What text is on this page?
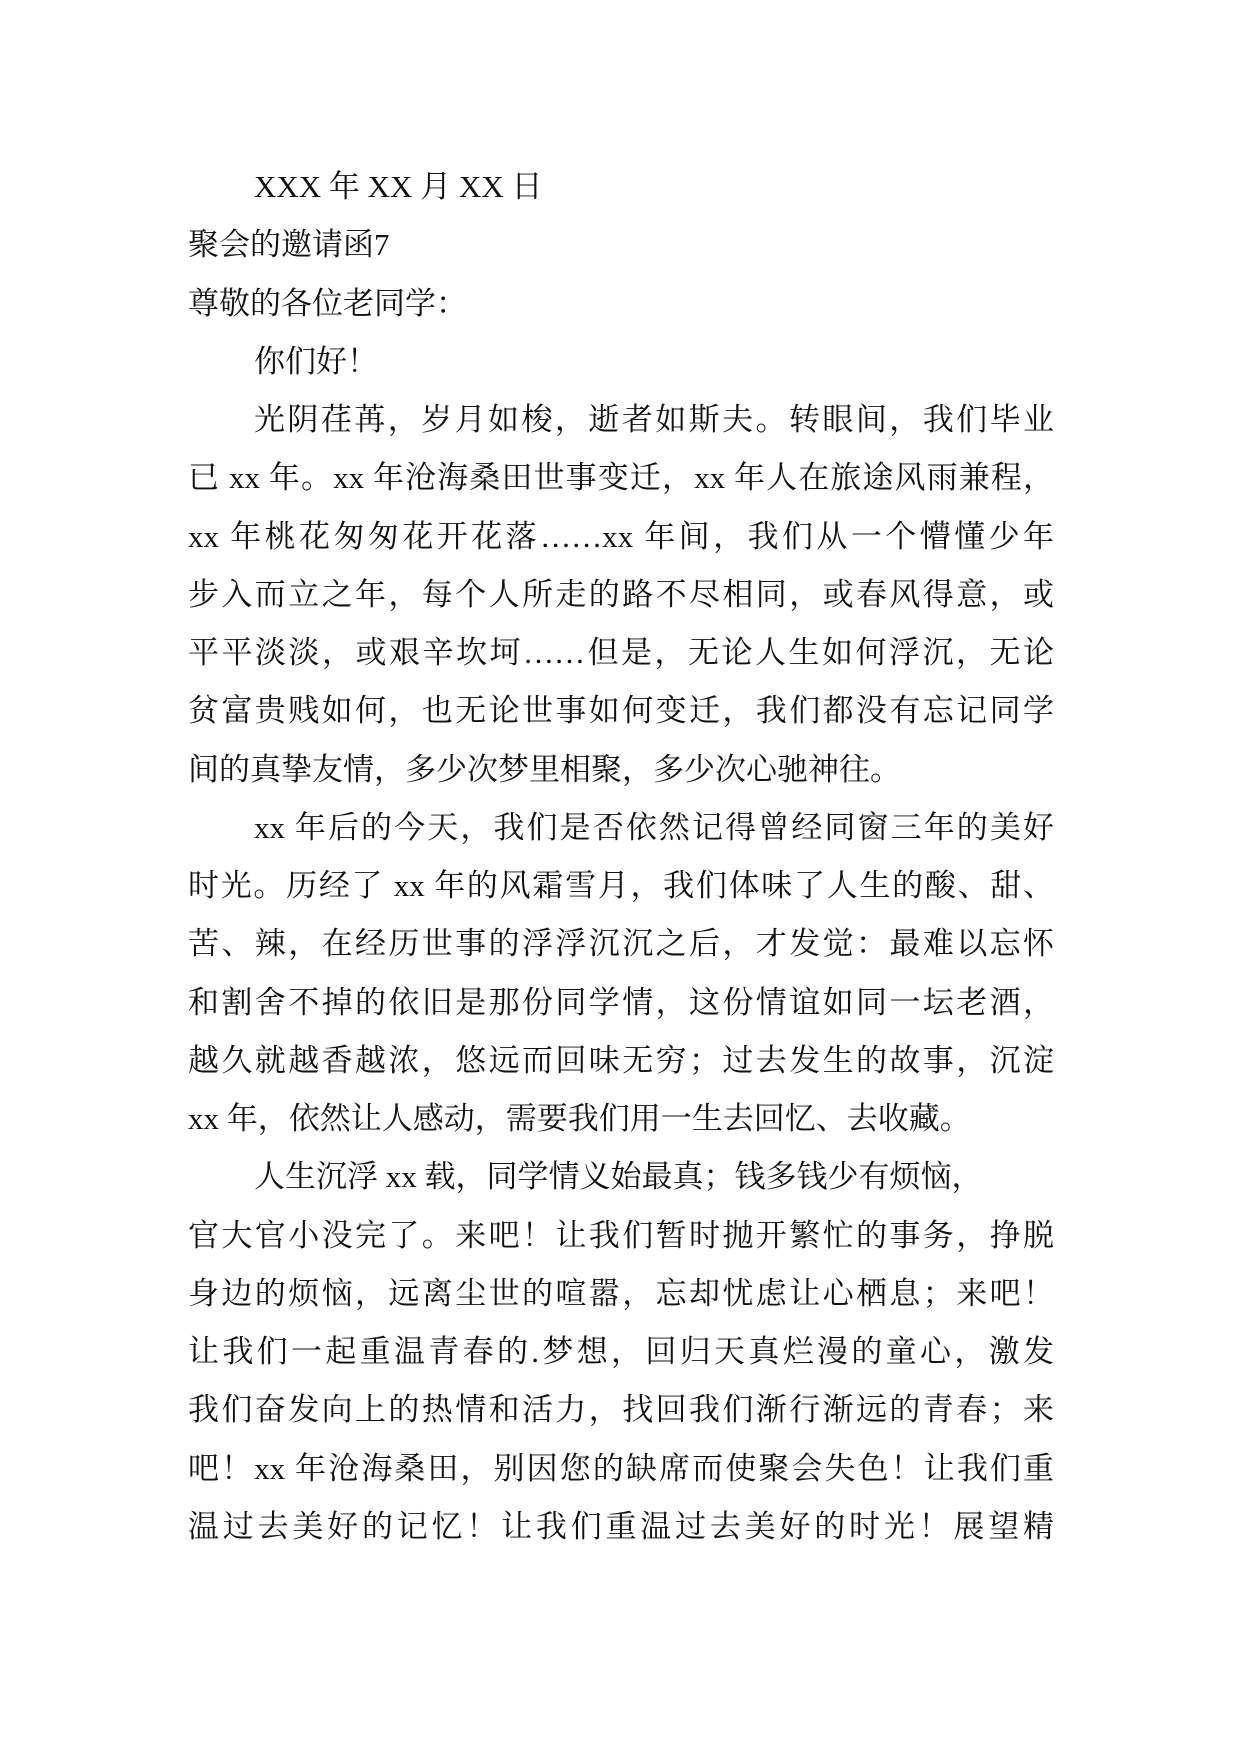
XXX 年 XX 月 XX 日
聚会的邀请函7
尊敬的各位老同学：
你们好！
光阴荏苒，岁月如梭，逝者如斯夫。转眼间，我们毕业
已 xx 年。xx 年沧海桑田世事变迁，xx 年人在旅途风雨兼程，
xx 年桃花匆匆花开花落……xx 年间，我们从一个懵懂少年
步入而立之年，每个人所走的路不尽相同，或春风得意，或
平平淡淡，或艰辛坎坷……但是，无论人生如何浮沉，无论
贫富贵贱如何，也无论世事如何变迁，我们都没有忘记同学
间的真挚友情，多少次梦里相聚，多少次心驰神往。
xx 年后的今天，我们是否依然记得曾经同窗三年的美好
时光。历经了 xx 年的风霜雪月，我们体味了人生的酸、甜、
苦、辣，在经历世事的浮浮沉沉之后，才发觉：最难以忘怀
和割舍不掉的依旧是那份同学情，这份情谊如同一坛老酒，
越久就越香越浓，悠远而回味无穷；过去发生的故事，沉淀
xx 年，依然让人感动，需要我们用一生去回忆、去收藏。
人生沉浮 xx 载，同学情义始最真；钱多钱少有烦恼，
官大官小没完了。来吧！让我们暂时抛开繁忙的事务，挣脱
身边的烦恼，远离尘世的喧嚣，忘却忧虑让心栖息；来吧！
让我们一起重温青春的.梦想，回归天真烂漫的童心，激发
我们奋发向上的热情和活力，找回我们渐行渐远的青春；来
吧！xx 年沧海桑田，别因您的缺席而使聚会失色！让我们重
温过去美好的记忆！让我们重温过去美好的时光！展望精
